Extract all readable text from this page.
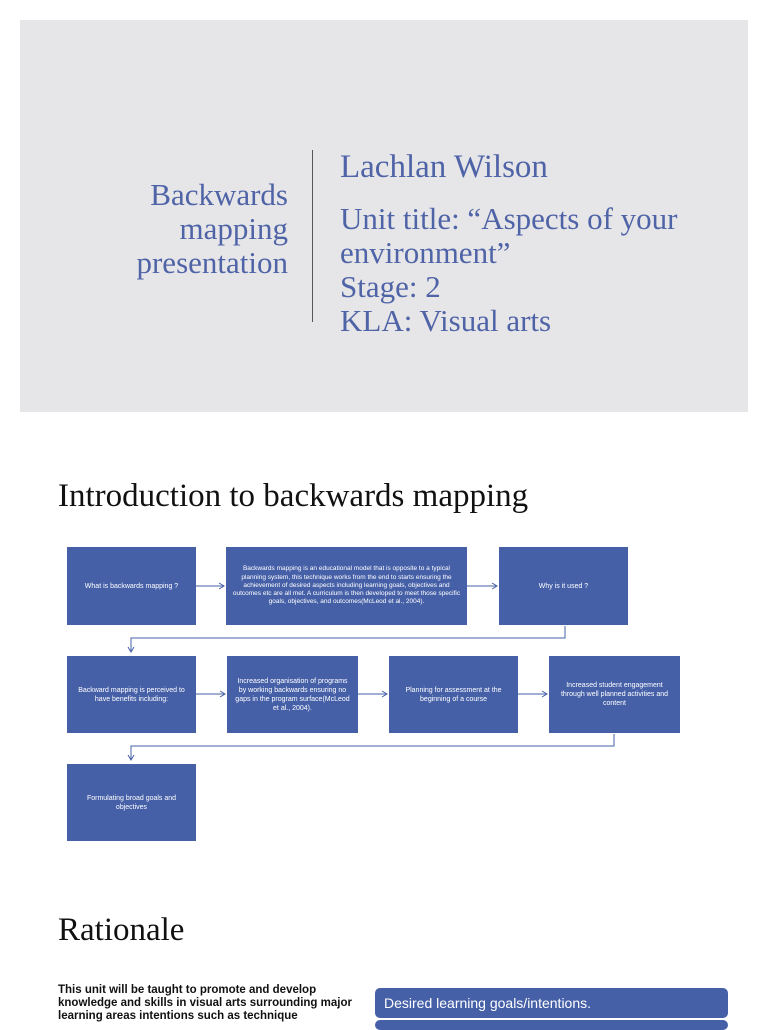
Backwards
mapping
presentation
Lachlan Wilson
Unit title: “Aspects of your
environment”
Stage: 2
KLA: Visual arts
Introduction to backwards mapping
What is backwards mapping ?
Backwards mapping is an educational model that is opposite to a typical planning system, this technique works from the end to starts ensuring the achievement of desired aspects including learning goals, objectives and outcomes etc are all met. A curriculum is then developed to meet those specific goals, objectives, and outcomes(McLeod et al., 2004).
Why is it used ?
Backward mapping is perceived to have benefits including:
Increased organisation of programs by working backwards ensuring no gaps in the program surface(McLeod et al., 2004).
Planning for assessment at the beginning of a course
Increased student engagement through well planned activities and content
Formulating broad goals and objectives
Rationale
This unit will be taught to promote and develop knowledge and skills in visual arts surrounding major learning areas intentions such as technique
Desired learning goals/intentions.
